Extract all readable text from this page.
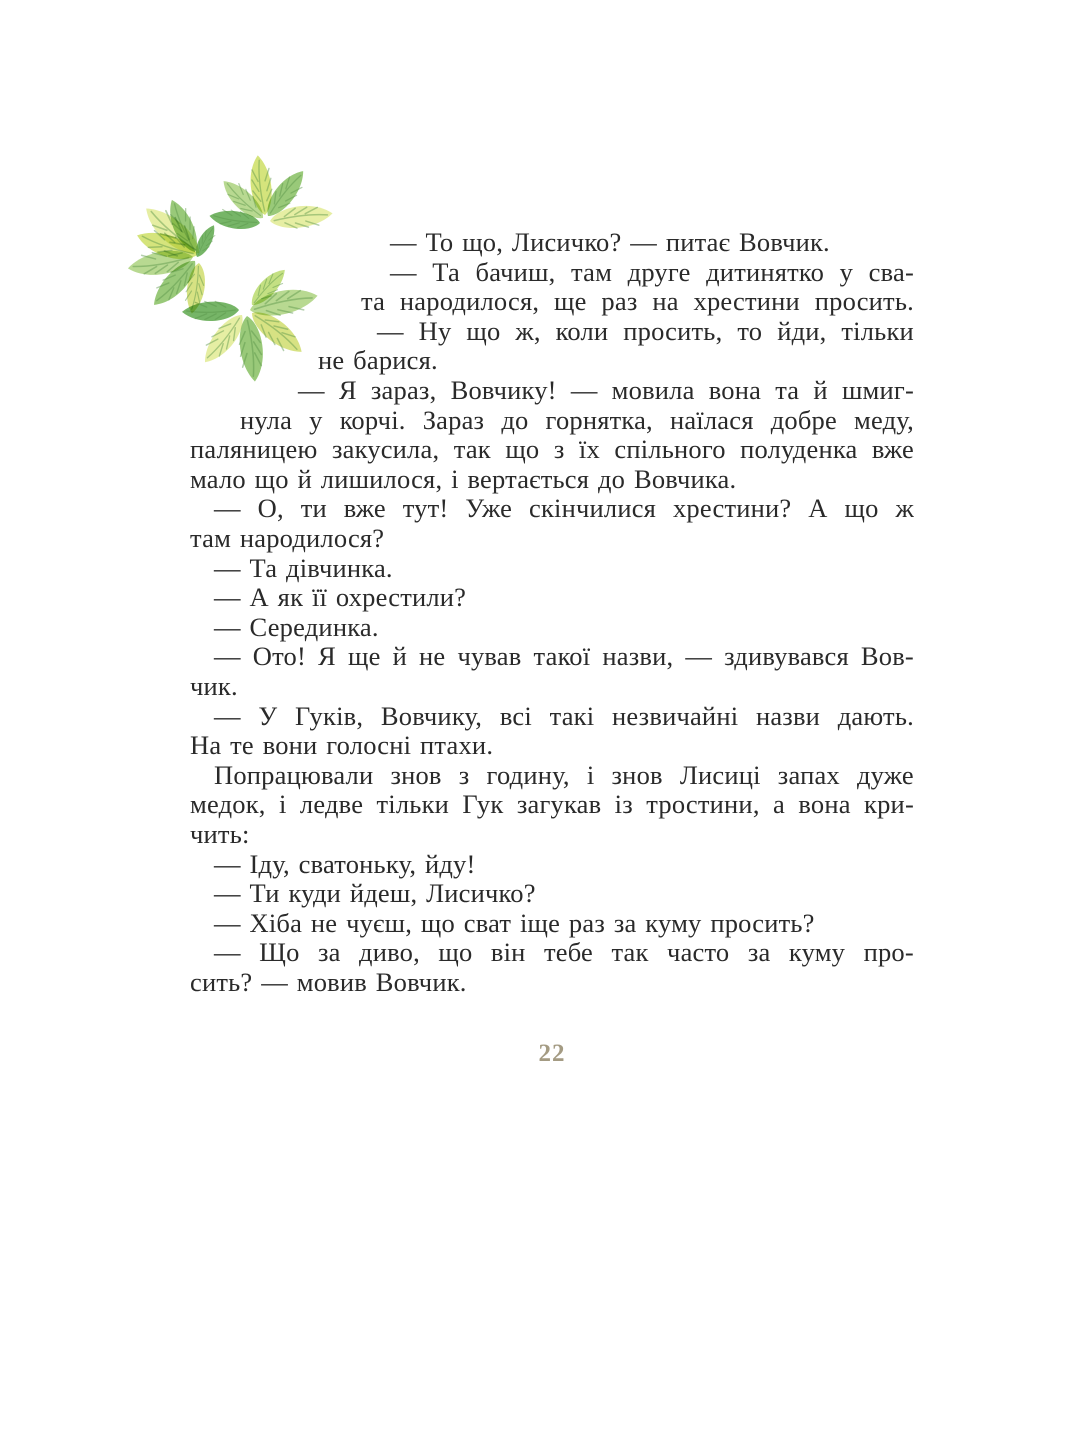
— То що, Лисичко? — питає Вовчик.
— Та бачиш, там друге дитинятко у сва-
та народилося, ще раз на хрестини просить.
— Ну що ж, коли просить, то йди, тільки
не барися.
— Я зараз, Вовчику! — мовила вона та й шмиг-
нула у корчі. Зараз до горнятка, наїлася добре меду,
паляницею закусила, так що з їх спільного полуденка вже
мало що й лишилося, і вертається до Вовчика.
— О, ти вже тут! Уже скінчилися хрестини? А що ж
там народилося?
— Та дівчинка.
— А як її охрестили?
— Серединка.
— Ото! Я ще й не чував такої назви, — здивувався Вов-
чик.
— У Гуків, Вовчику, всі такі незвичайні назви дають.
На те вони голосні птахи.
Попрацювали знов з годину, і знов Лисиці запах дуже
медок, і ледве тільки Гук загукав із тростини, а вона кри-
чить:
— Іду, сватоньку, йду!
— Ти куди йдеш, Лисичко?
— Хіба не чуєш, що сват іще раз за куму просить?
— Що за диво, що він тебе так часто за куму про-
сить? — мовив Вовчик.
22
